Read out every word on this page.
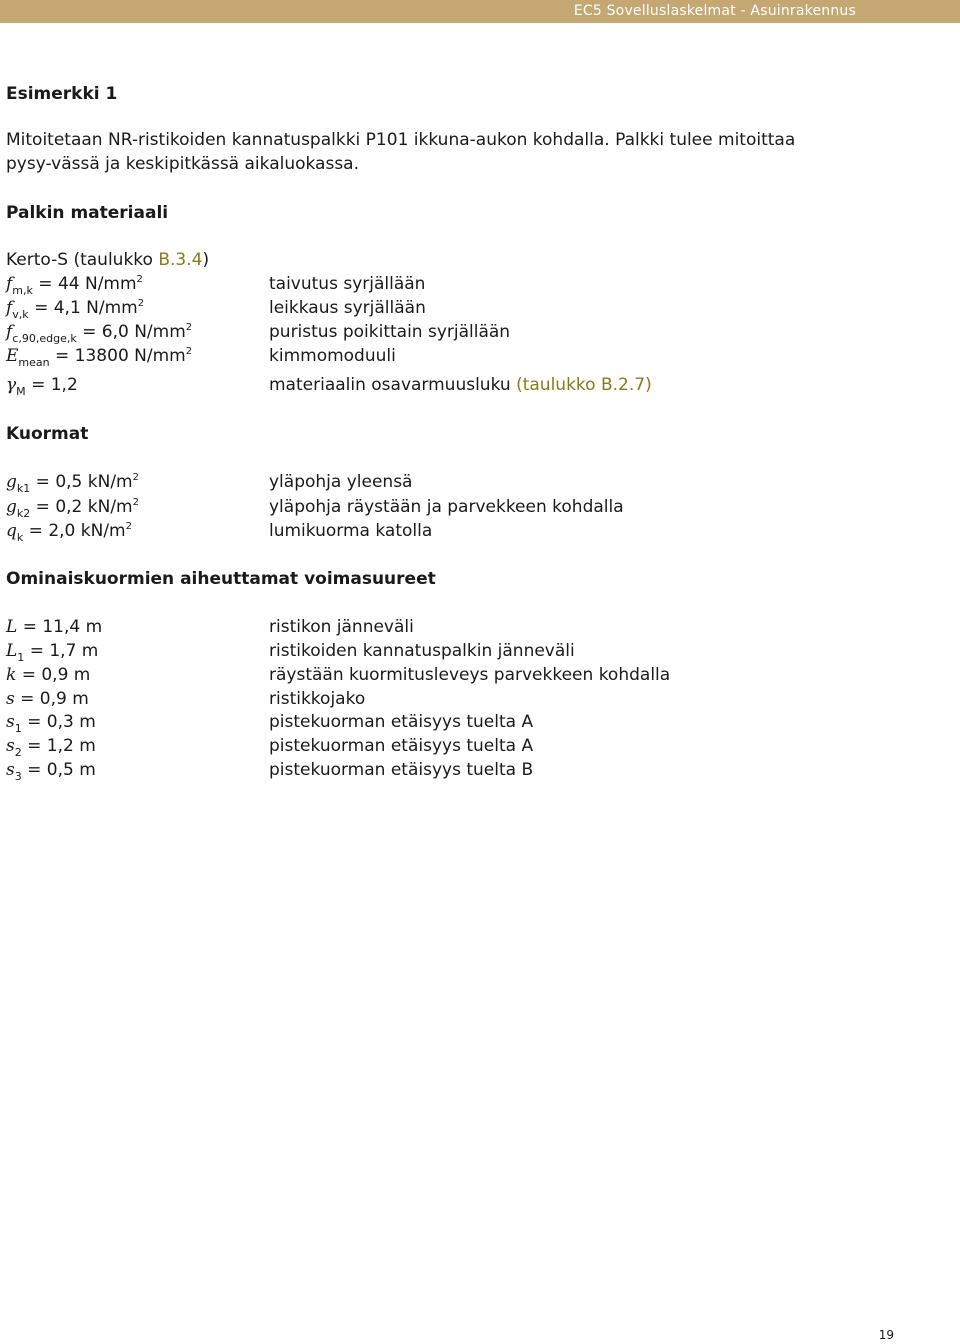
EC5 Sovelluslaskelmat - Asuinrakennus
Esimerkki 1
Mitoitetaan NR-ristikoiden kannatuspalkki P101 ikkuna-aukon kohdalla. Palkki tulee mitoittaa pysy-vässä ja keskipitkässä aikaluokassa.
Palkin materiaali
Kerto-S (taulukko B.3.4)
$f_{m,k} = 44$ $N/mm^2$	taivutus syrjällään
$f_{v,k} = 4,1$ $N/mm^2$	leikkaus syrjällään
$f_{c,90,edge,k} = 6,0$ $N/mm^2$	puristus poikittain syrjällään
$E_{mean} = 13800$ $N/mm^2$	kimmomoduuli
$\gamma_M = 1,2$	materiaalin osavarmuusluku (taulukko B.2.7)
Kuormat
$g_{k1} = 0,5$ $kN/m^2$	yläpohja yleensä
$g_{k2} = 0,2$ $kN/m^2$	yläpohja räystään ja parvekkeen kohdalla
$q_k = 2,0$ $kN/m^2$	lumikuorma katolla
Ominaiskuormien aiheuttamat voimasuureet
L = 11,4 m	ristikon jänneväli
$L_1 = 1,7$ m	ristikoiden kannatuspalkin jänneväli
k = 0,9 m	räystään kuormitusleveys parvekkeen kohdalla
s = 0,9 m	ristikkojako
$s_1 = 0,3$ m	pistekuorman etäisyys tuelta A
$s_2 = 1,2$ m	pistekuorman etäisyys tuelta A
$s_3 = 0,5$ m	pistekuorman etäisyys tuelta B
19
